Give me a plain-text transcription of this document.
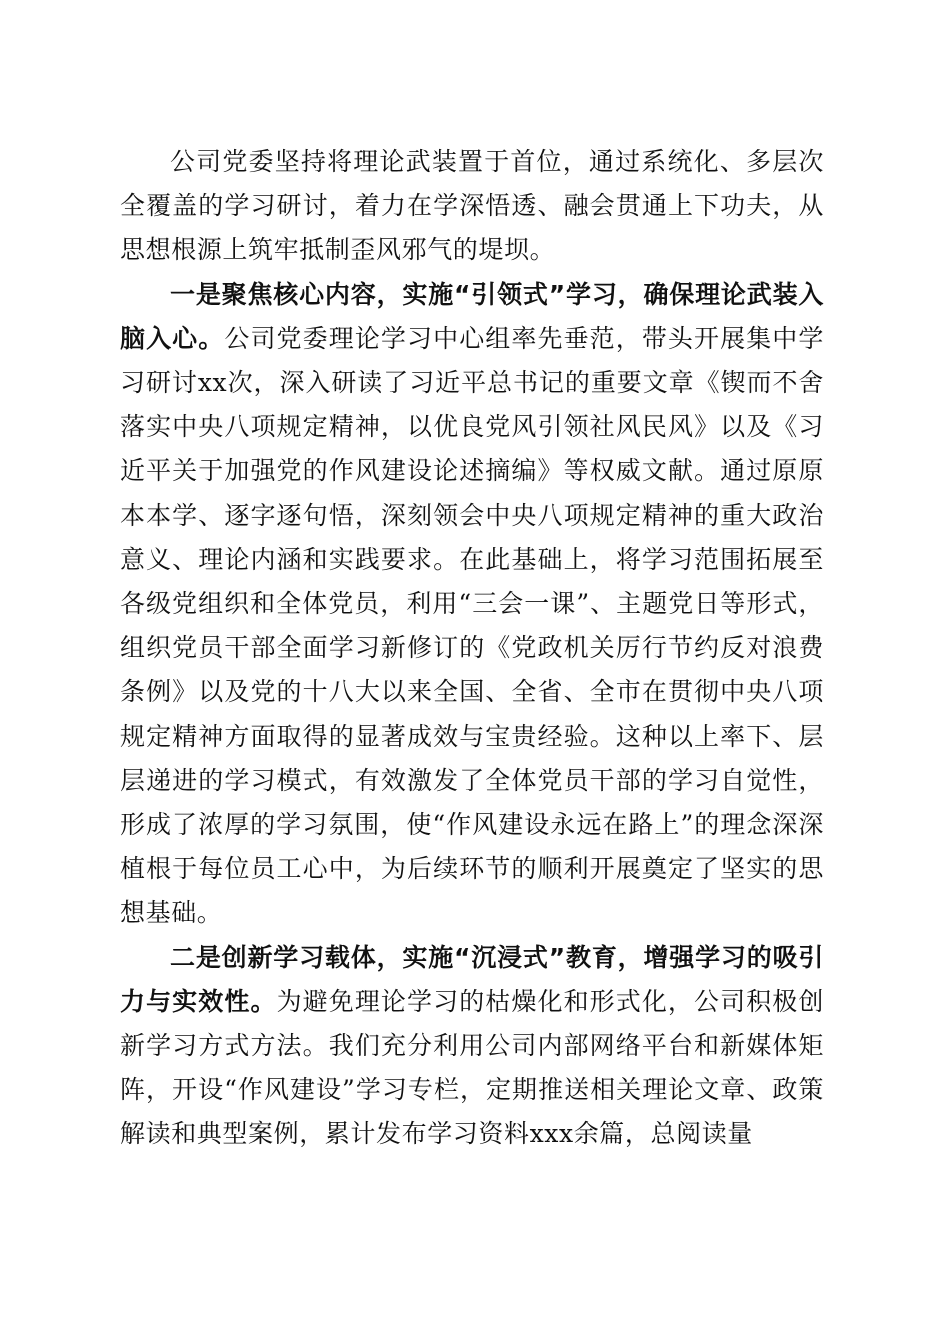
公司党委坚持将理论武装置于首位，通过系统化、多层次全覆盖的学习研讨，着力在学深悟透、融会贯通上下功夫，从思想根源上筑牢抵制歪风邪气的堤坝。

一是聚焦核心内容，实施“引领式”学习，确保理论武装入脑入心。公司党委理论学习中心组率先垂范，带头开展集中学习研讨xx次，深入研读了习近平总书记的重要文章《锲而不舍落实中央八项规定精神，以优良党风引领社风民风》以及《习近平关于加强党的作风建设论述摘编》等权威文献。通过原原本本学、逐字逐句悟，深刻领会中央八项规定精神的重大政治意义、理论内涵和实践要求。在此基础上，将学习范围拓展至各级党组织和全体党员，利用“三会一课”、主题党日等形式，组织党员干部全面学习新修订的《党政机关厉行节约反对浪费条例》以及党的十八大以来全国、全省、全市在贯彻中央八项规定精神方面取得的显著成效与宝贵经验。这种以上率下、层层递进的学习模式，有效激发了全体党员干部的学习自觉性，形成了浓厚的学习氛围，使“作风建设永远在路上”的理念深深植根于每位员工心中，为后续环节的顺利开展奠定了坚实的思想基础。

二是创新学习载体，实施“沉浸式”教育，增强学习的吸引力与实效性。为避免理论学习的枯燥化和形式化，公司积极创新学习方式方法。我们充分利用公司内部网络平台和新媒体矩阵，开设“作风建设”学习专栏，定期推送相关理论文章、政策解读和典型案例，累计发布学习资料xxx余篇，总阅读量
